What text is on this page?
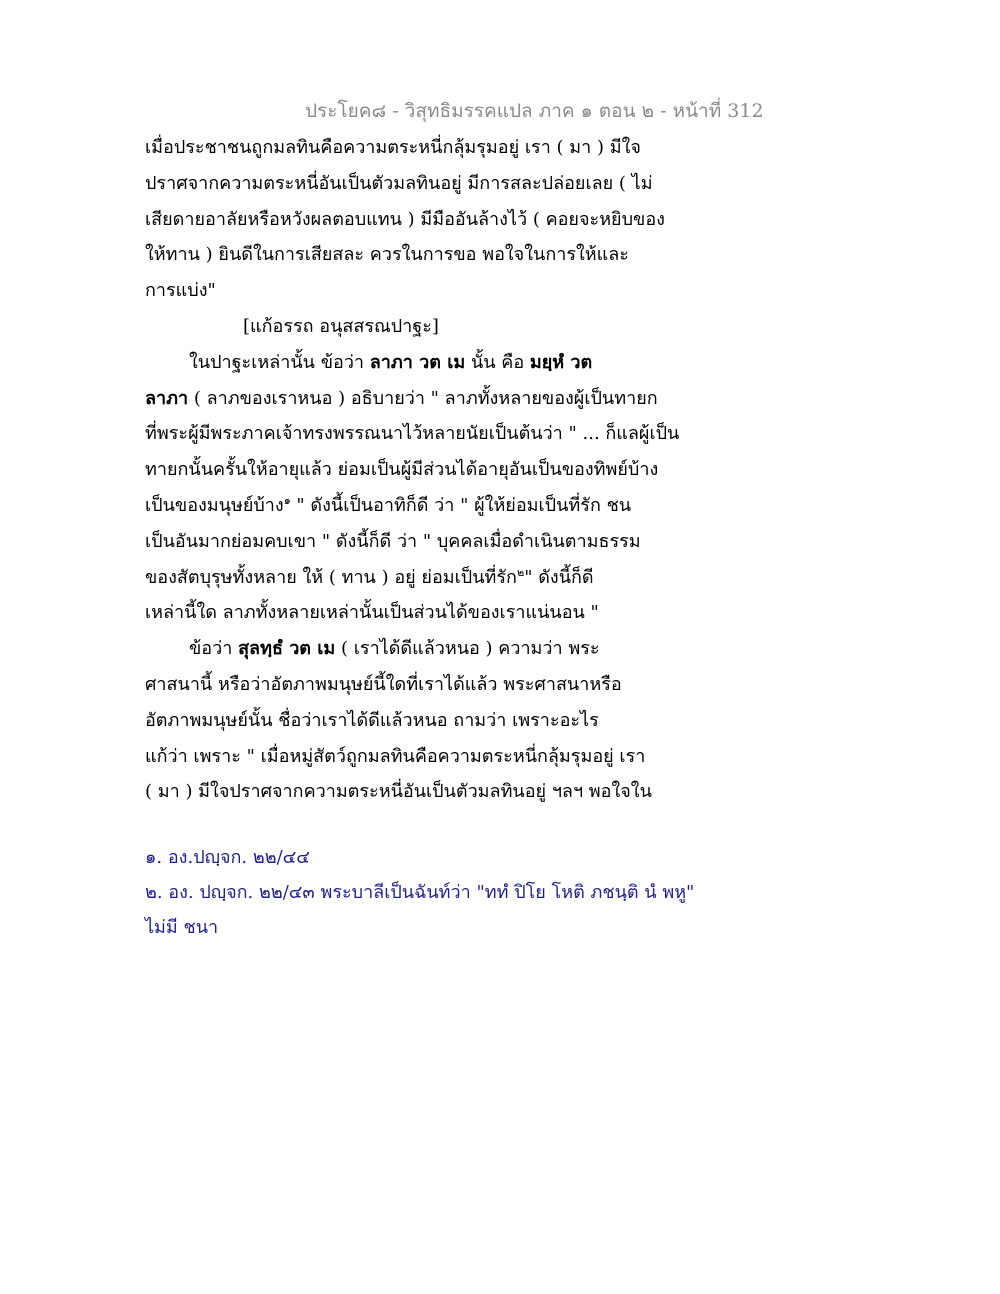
ประโยค๘ - วิสุทธิมรรคแปล ภาค ๑ ตอน ๒ - หน้าที่ 312
เมื่อประชาชนถูกมลทินคือความตระหนี่กลุ้มรุมอยู่ เรา ( มา ) มีใจ
ปราศจากความตระหนี่อันเป็นตัวมลทินอยู่ มีการสละปล่อยเลย ( ไม่
เสียดายอาลัยหรือหวังผลตอบแทน ) มีมืออันล้างไว้ ( คอยจะหยิบของ
ให้ทาน ) ยินดีในการเสียสละ ควรในการขอ พอใจในการให้และ
การแบ่ง"
[แก้อรรถ อนุสสรณปาฐะ]
ในปาฐะเหล่านั้น ข้อว่า ลาภา วต เม นั้น คือ มยฺหํ วต
ลาภา ( ลาภของเราหนอ ) อธิบายว่า " ลาภทั้งหลายของผู้เป็นทายก
ที่พระผู้มีพระภาคเจ้าทรงพรรณนาไว้หลายนัยเป็นต้นว่า " ... ก็แลผู้เป็น
ทายกนั้นครั้นให้อายุแล้ว ย่อมเป็นผู้มีส่วนได้อายุอันเป็นของทิพย์บ้าง
เป็นของมนุษย์บ้าง$^๑$ " ดังนี้เป็นอาทิก็ดี ว่า " ผู้ให้ย่อมเป็นที่รัก ชน
เป็นอันมากย่อมคบเขา " ดังนี้ก็ดี ว่า " บุคคลเมื่อดำเนินตามธรรม
ของสัตบุรุษทั้งหลาย ให้ ( ทาน ) อยู่ ย่อมเป็นที่รัก$^๒$" ดังนี้ก็ดี
เหล่านี้ใด ลาภทั้งหลายเหล่านั้นเป็นส่วนได้ของเราแน่นอน "
ข้อว่า สุลทฺธํ วต เม ( เราได้ดีแล้วหนอ ) ความว่า พระ
ศาสนานี้ หรือว่าอัตภาพมนุษย์นี้ใดที่เราได้แล้ว พระศาสนาหรือ
อัตภาพมนุษย์นั้น ชื่อว่าเราได้ดีแล้วหนอ ถามว่า เพราะอะไร
แก้ว่า เพราะ " เมื่อหมู่สัตว์ถูกมลทินคือความตระหนี่กลุ้มรุมอยู่ เรา
( มา ) มีใจปราศจากความตระหนี่อันเป็นตัวมลทินอยู่ ฯลฯ พอใจใน
๑. อง.ปญฺจก. ๒๒/๔๔
๒. อง. ปญฺจก. ๒๒/๔๓ พระบาลีเป็นฉันท์ว่า "ททํ ปิโย โหติ ภชนฺติ นํ พหู"
ไม่มี ชนา
